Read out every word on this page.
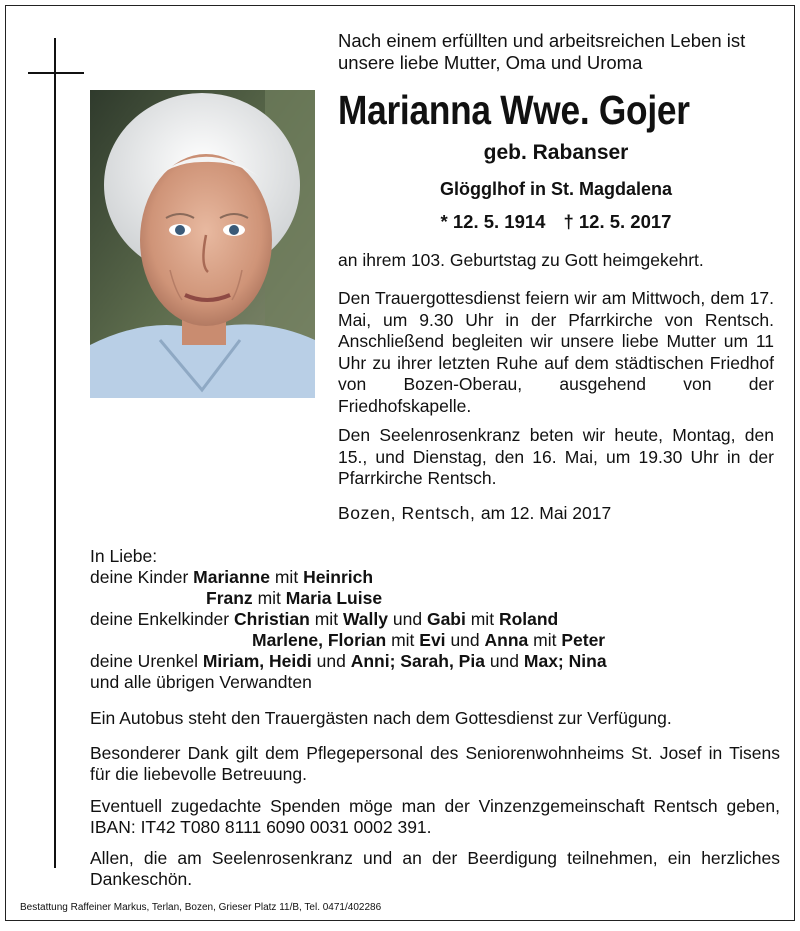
Nach einem erfüllten und arbeitsreichen Leben ist
unsere liebe Mutter, Oma und Uroma
Marianna Wwe. Gojer
geb. Rabanser
Glögglhof in St. Magdalena
* 12. 5. 1914 † 12. 5. 2017
an ihrem 103. Geburtstag zu Gott heimgekehrt.
Den Trauergottesdienst feiern wir am Mittwoch, dem 17. Mai, um 9.30 Uhr in der Pfarrkirche von Rentsch. Anschließend begleiten wir unsere liebe Mutter um 11 Uhr zu ihrer letzten Ruhe auf dem städtischen Friedhof von Bozen-Oberau, ausgehend von der Friedhofskapelle.
Den Seelenrosenkranz beten wir heute, Montag, den 15., und Dienstag, den 16. Mai, um 19.30 Uhr in der Pfarrkirche Rentsch.
Bozen, Rentsch, am 12. Mai 2017
In Liebe:
deine Kinder Marianne mit Heinrich
Franz mit Maria Luise
deine Enkelkinder Christian mit Wally und Gabi mit Roland
Marlene, Florian mit Evi und Anna mit Peter
deine Urenkel Miriam, Heidi und Anni; Sarah, Pia und Max; Nina
und alle übrigen Verwandten
Ein Autobus steht den Trauergästen nach dem Gottesdienst zur Verfügung.
Besonderer Dank gilt dem Pflegepersonal des Seniorenwohnheims St. Josef in Tisens für die liebevolle Betreuung.
Eventuell zugedachte Spenden möge man der Vinzenzgemeinschaft Rentsch geben, IBAN: IT42 T080 8111 6090 0031 0002 391.
Allen, die am Seelenrosenkranz und an der Beerdigung teilnehmen, ein herzliches Dankeschön.
Bestattung Raffeiner Markus, Terlan, Bozen, Grieser Platz 11/B, Tel. 0471/402286
